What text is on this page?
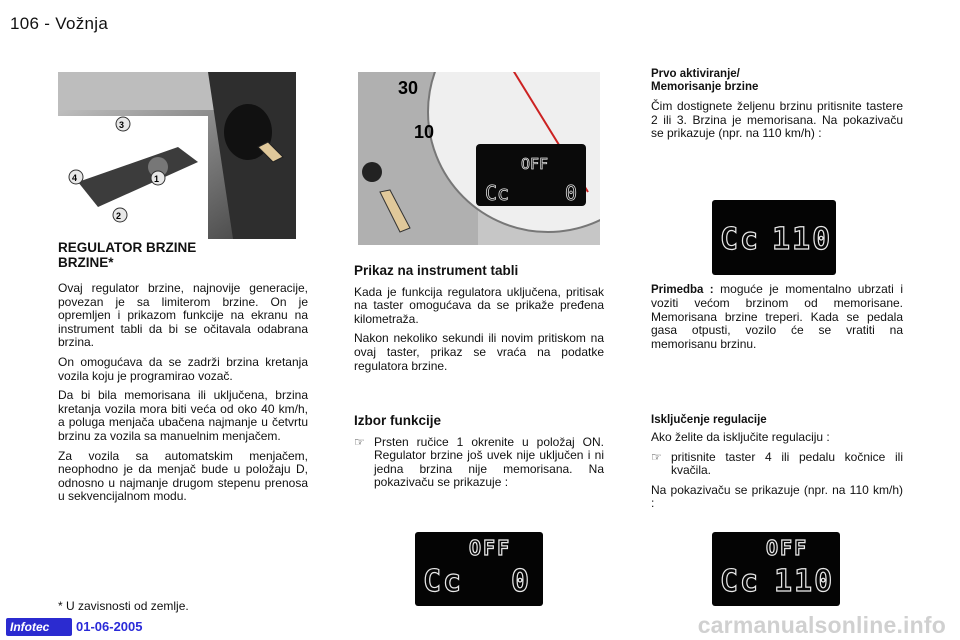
106 - Vožnja
3
4	1
2
30
10
OFF
Cc	0
REGULATOR BRZINE
BRZINE*

Ovaj regulator brzine, najnovije generacije, povezan je sa limiterom brzine. On je opremljen i prikazom funkcije na ekranu na instrument tabli da bi se očitavala odabrana brzina.

On omogućava da se zadrži brzina kretanja vozila koju je programirao vozač.

Da bi bila memorisana ili uključena, brzina kretanja vozila mora biti veća od oko 40 km/h, a poluga menjača ubačena najmanje u četvrtu brzinu za vozila sa manuelnim menjačem.

Za vozila sa automatskim menjačem, neophodno je da menjač bude u položaju D, odnosno u najmanje drugom stepenu prenosa u sekvencijalnom modu.

* U zavisnosti od zemlje.
Prikaz na instrument tabli

Kada je funkcija regulatora uključena, pritisak na taster omogućava da se prikaže pređena kilometraža.

Nakon nekoliko sekundi ili novim pritiskom na ovaj taster, prikaz se vraća na podatke regulatora brzine.

Izbor funkcije
☞ Prsten ručice 1 okrenite u položaj ON. Regulator brzine još uvek nije uključen i ni jedna brzina nije memorisana. Na pokazivaču se prikazuje :
Prvo aktiviranje/
Memorisanje brzine

Čim dostignete željenu brzinu pritisnite tastere 2 ili 3. Brzina je memorisana. Na pokazivaču se prikazuje (npr. na 110 km/h) :

Cc 110

Primedba : moguće je momentalno ubrzati i voziti većom brzinom od memorisane. Memorisana brzine treperi. Kada se pedala gasa otpusti, vozilo će se vratiti na memorisanu brzinu.

Isključenje regulacije

Ako želite da isključite regulaciju :

☞ pritisnite taster 4 ili pedalu kočnice ili kvačila.

Na pokazivaču se prikazuje (npr. na 110 km/h) :

OFF
Cc 0
OFF
Cc 110
Infotec 01-06-2005	carmanualsonline.info
